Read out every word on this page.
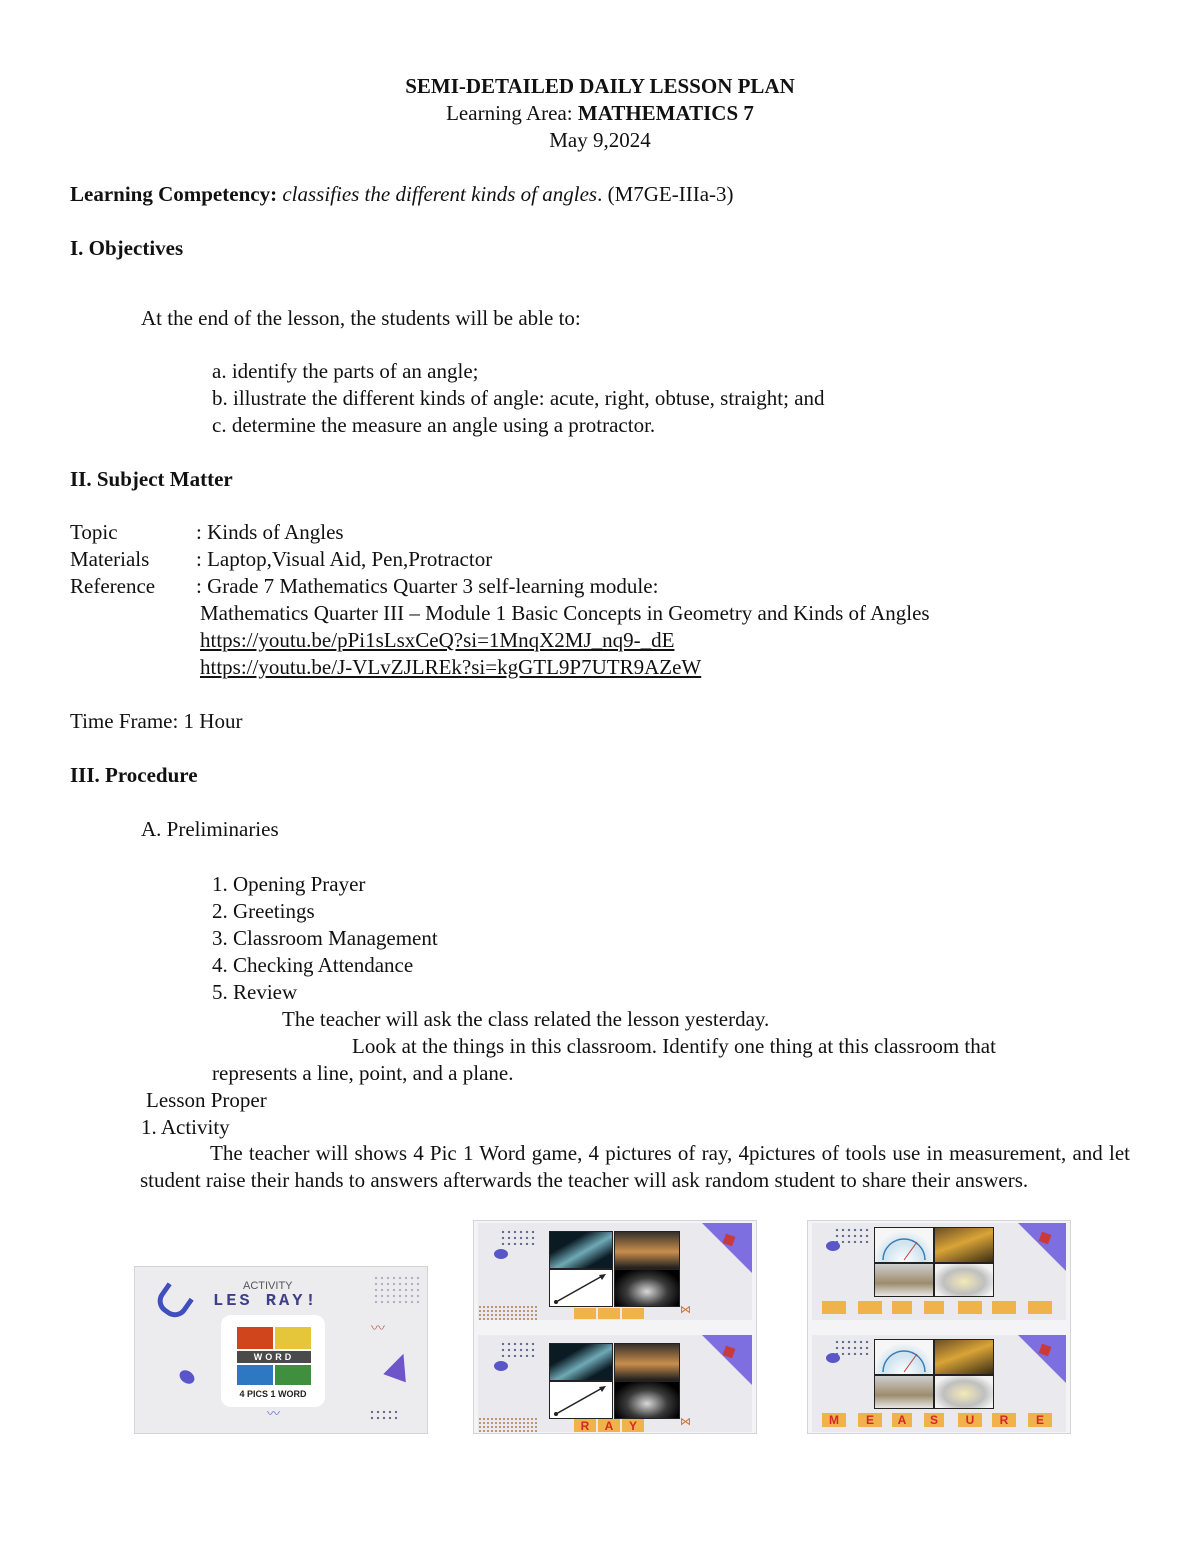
SEMI-DETAILED DAILY LESSON PLAN
Learning Area: MATHEMATICS 7
May 9,2024
Learning Competency: classifies the different kinds of angles. (M7GE-IIIa-3)
I. Objectives
At the end of the lesson, the students will be able to:
a. identify the parts of an angle;
b. illustrate the different kinds of angle: acute, right, obtuse, straight; and
c. determine the measure an angle using a protractor.
II. Subject Matter
Topic	: Kinds of Angles
Materials : Laptop,Visual Aid, Pen,Protractor
Reference : Grade 7 Mathematics Quarter 3 self-learning module:
Mathematics Quarter III – Module 1 Basic Concepts in Geometry and Kinds of Angles
https://youtu.be/pPi1sLsxCeQ?si=1MnqX2MJ_nq9-_dE
https://youtu.be/J-VLvZJLREk?si=kgGTL9P7UTR9AZeW
Time Frame: 1 Hour
III. Procedure
A. Preliminaries
1. Opening Prayer
2. Greetings
3. Classroom Management
4. Checking Attendance
5. Review
The teacher will ask the class related the lesson yesterday.
Look at the things in this classroom. Identify one thing at this classroom that
represents a line, point, and a plane.
Lesson Proper
1. Activity
The teacher will shows 4 Pic 1 Word game, 4 pictures of ray, 4pictures of tools use in measurement, and let student raise their hands to answers afterwards the teacher will ask random student to share their answers.
ACTIVITY
LES RAY!
WORD
4 PICS 1 WORD
〰
〰
⋈
R	A	Y	⋈	M	E	A	S	U	R	E
